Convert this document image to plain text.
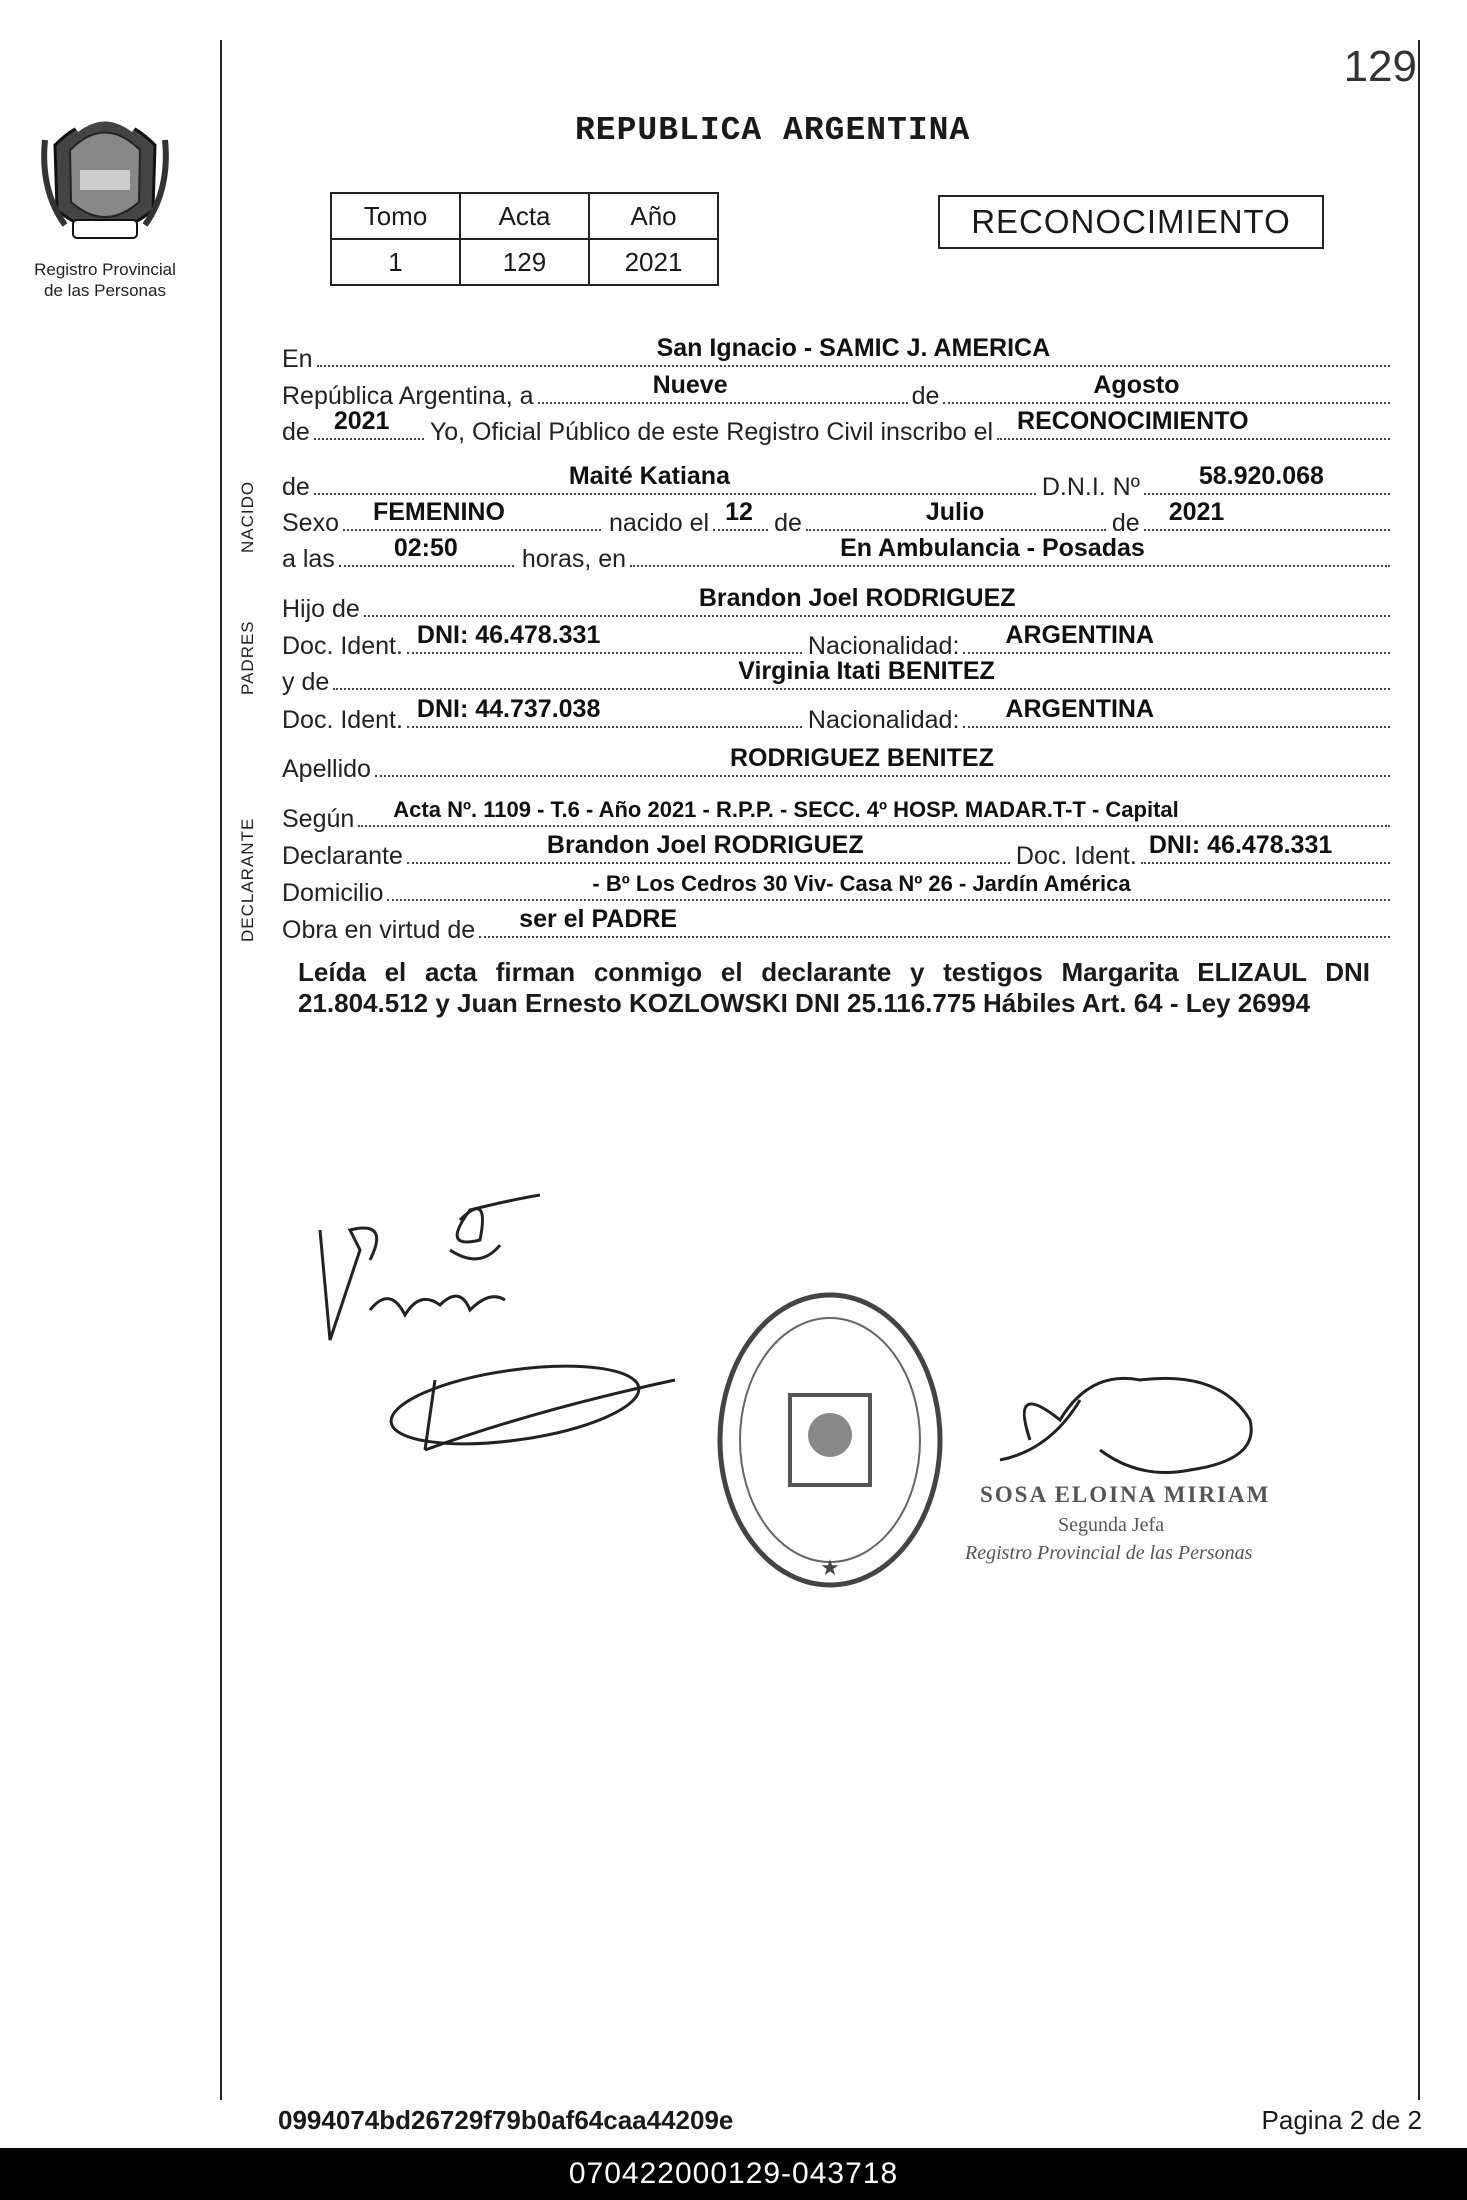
129
Registro Provincial
de las Personas
REPUBLICA ARGENTINA
Tomo	Acta	Año
1	129	2021
RECONOCIMIENTO
NACIDO
PADRES
DECLARANTE
En	San Ignacio - SAMIC J. AMERICA
República Argentina, a	Nueve	de	Agosto
de 2021 Yo, Oficial Público de este Registro Civil inscribo el RECONOCIMIENTO
de	Maité Katiana	D.N.I. Nº 58.920.068
Sexo FEMENINO	nacido el 12 de	Julio	de 2021
a las 02:50	horas, en	En Ambulancia - Posadas
Hijo de	Brandon Joel RODRIGUEZ
Doc. Ident. DNI: 46.478.331	Nacionalidad: ARGENTINA
y de	Virginia Itati BENITEZ
Doc. Ident. DNI: 44.737.038	Nacionalidad: ARGENTINA
Apellido	RODRIGUEZ BENITEZ
Según Acta Nº. 1109 - T.6 - Año 2021 - R.P.P. - SECC. 4º HOSP. MADAR.T-T - Capital
Declarante	Brandon Joel RODRIGUEZ	Doc. Ident. DNI: 46.478.331
Domicilio	- Bº Los Cedros 30 Viv- Casa Nº 26 - Jardín América
Obra en virtud de ser el PADRE
Leída el acta firman conmigo el declarante y testigos Margarita ELIZAUL DNI 21.804.512 y Juan Ernesto KOZLOWSKI DNI 25.116.775 Hábiles Art. 64 - Ley 26994
★
SOSA ELOINA MIRIAM
Segunda Jefa
Registro Provincial de las Personas
0994074bd26729f79b0af64caa44209e	Pagina 2 de 2
070422000129-043718
